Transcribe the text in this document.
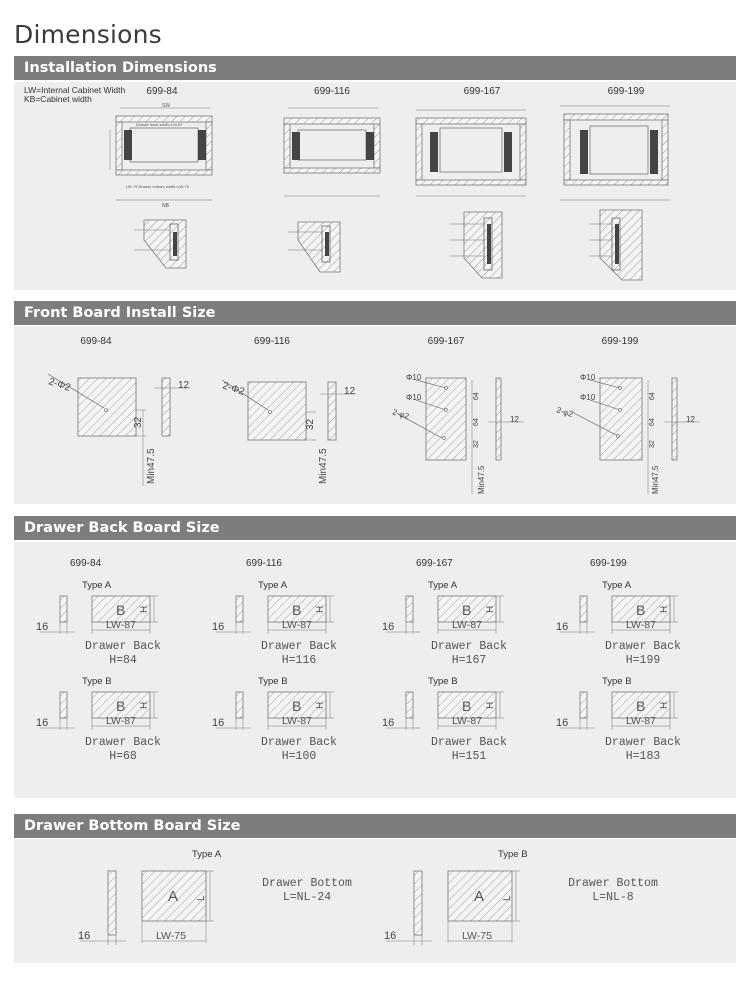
Dimensions
Installation Dimensions
LW=Internal Cabinet Width
KB=Cabinet width
699-84	699-116	699-167	699-199
SW
Drawer back width=LW-87
LW-75 Drawer bottom width=LW-75
NB
Front Board Install Size
699-84	699-116	699-167	699-199
2-Φ2
32
Min47.5
12	2-Φ2
32
Min47.5
12
Φ10
Φ10
2-φ2
64
64
32
Min47.5
12
Φ10
Φ10
2-φ2
64
64
32
Min47.5
12
Drawer Back Board Size
699-84	699-116	699-167	699-199
Type A
16
B H
LW-87
Drawer Back
H=84
Type A
16
B H
LW-87
Drawer Back
H=116
Type A
16
B H
LW-87
Drawer Back
H=167
Type A
16
B H
LW-87
Drawer Back
H=199
Type B
16
B H
LW-87
Drawer Back
H=68
Type B
16
B H
LW-87
Drawer Back
H=100
Type B
16
B H
LW-87
Drawer Back
H=151
Type B
16
B H
LW-87
Drawer Back
H=183
Drawer Bottom Board Size
Type A
16
A L
LW-75
Drawer Bottom
L=NL-24
Type B
16
A L
LW-75
Drawer Bottom
L=NL-8
